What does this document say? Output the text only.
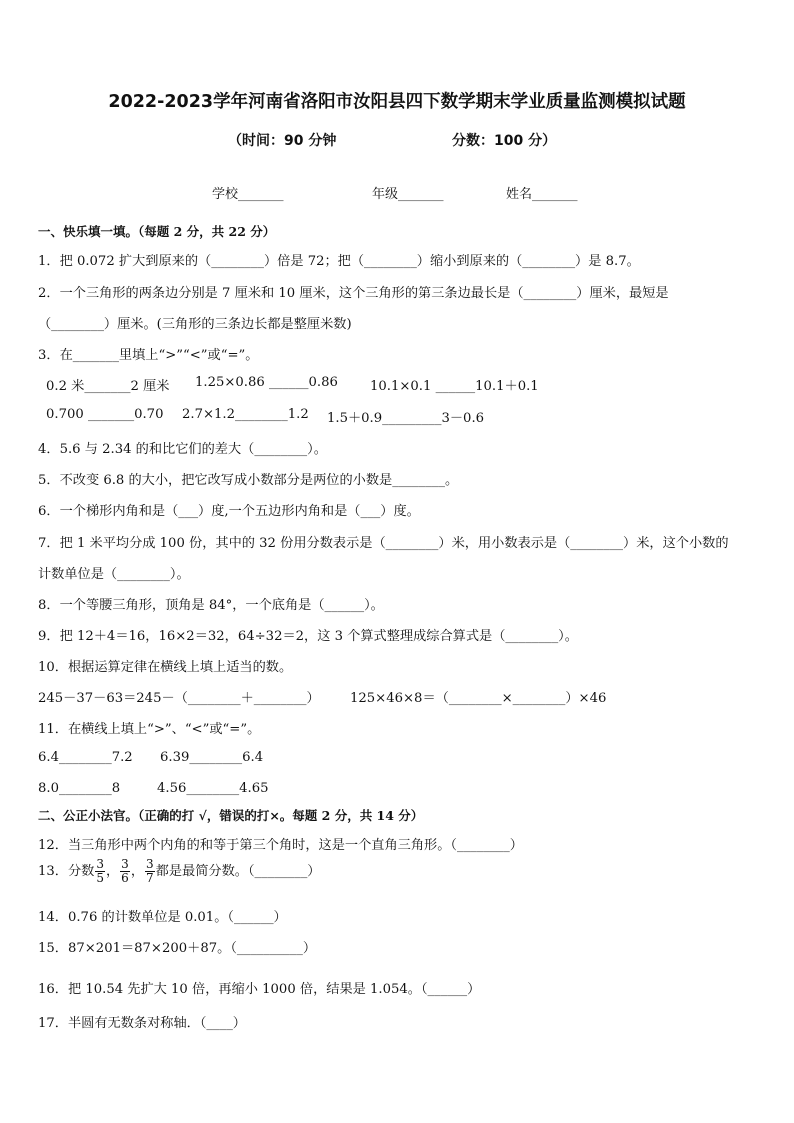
2022-2023学年河南省洛阳市汝阳县四下数学期末学业质量监测模拟试题
（时间：90 分钟	分数：100 分）
学校_______	年级_______	姓名_______
一、快乐填一填。（每题 2 分，共 22 分）
1．把 0.072 扩大到原来的（________）倍是 72；把（________）缩小到原来的（________）是 8.7。
2．一个三角形的两条边分别是 7 厘米和 10 厘米，这个三角形的第三条边最长是（________）厘米，最短是
（________）厘米。(三角形的三条边长都是整厘米数)
3．在_______里填上“>”“<”或“=”。
0.2 米_______2 厘米 1.25×0.86 ______0.86 10.1×0.1 ______10.1＋0.1
0.700 _______0.70 2.7×1.2________1.2 1.5＋0.9_________3－0.6
4．5.6 与 2.34 的和比它们的差大（________）。
5．不改变 6.8 的大小，把它改写成小数部分是两位的小数是________。
6．一个梯形内角和是（___）度,一个五边形内角和是（___）度。
7．把 1 米平均分成 100 份，其中的 32 份用分数表示是（________）米，用小数表示是（________）米，这个小数的
计数单位是（________）。
8．一个等腰三角形，顶角是 84°，一个底角是（______）。
9．把 12＋4＝16，16×2＝32，64÷32＝2，这 3 个算式整理成综合算式是（________）。
10．根据运算定律在横线上填上适当的数。
245－37－63＝245－（________＋________） 125×46×8＝（________×________）×46
11．在横线上填上“>”、“<”或“=”。
6.4________7.2 6.39________6.4
8.0________8	4.56________4.65
二、公正小法官。（正确的打 √，错误的打×。每题 2 分，共 14 分）
12．当三角形中两个内角的和等于第三个角时，这是一个直角三角形。（________）
13．分数 $\frac{3}{5}$ ， $\frac{3}{6}$ ， $\frac{3}{7}$ 都是最简分数。（________）
14．0.76 的计数单位是 0.01。（______）
15．87×201＝87×200＋87。（__________）
16．把 10.54 先扩大 10 倍，再缩小 1000 倍，结果是 1.054。（______）
17．半圆有无数条对称轴．（____）
